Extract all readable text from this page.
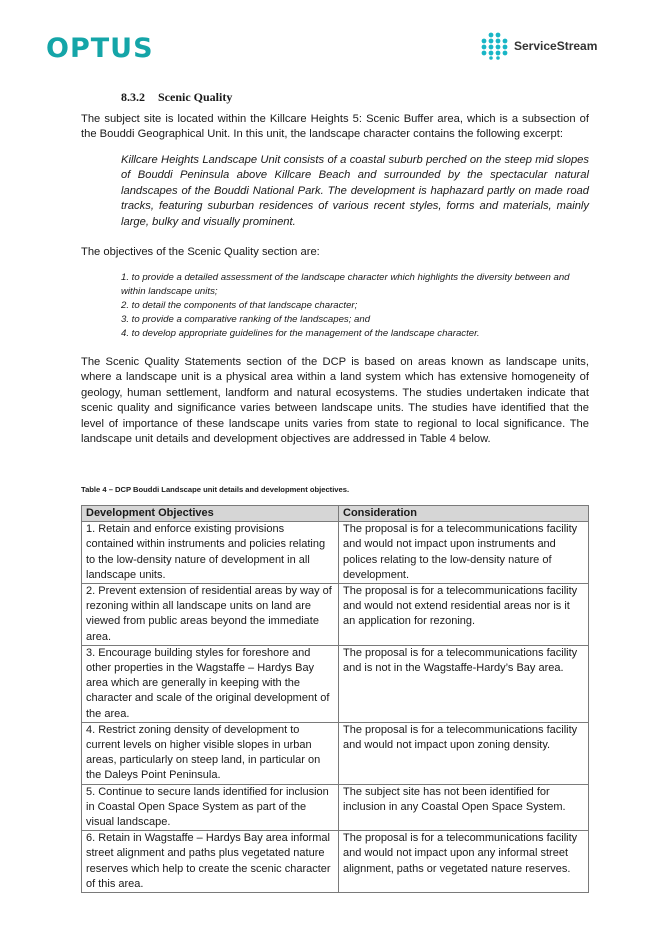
OPTUS	ServiceStream
8.3.2 Scenic Quality

The subject site is located within the Killcare Heights 5: Scenic Buffer area, which is a subsection of the Bouddi Geographical Unit. In this unit, the landscape character contains the following excerpt:

Killcare Heights Landscape Unit consists of a coastal suburb perched on the steep mid slopes of Bouddi Peninsula above Killcare Beach and surrounded by the spectacular natural landscapes of the Bouddi National Park. The development is haphazard partly on made road tracks, featuring suburban residences of various recent styles, forms and materials, mainly large, bulky and visually prominent.

The objectives of the Scenic Quality section are:

1. to provide a detailed assessment of the landscape character which highlights the diversity between and within landscape units;
2. to detail the components of that landscape character;
3. to provide a comparative ranking of the landscapes; and
4. to develop appropriate guidelines for the management of the landscape character.

The Scenic Quality Statements section of the DCP is based on areas known as landscape units, where a landscape unit is a physical area within a land system which has extensive homogeneity of geology, human settlement, landform and natural ecosystems. The studies undertaken indicate that scenic quality and significance varies between landscape units. The studies have identified that the level of importance of these landscape units varies from state to regional to local significance. The landscape unit details and development objectives are addressed in Table 4 below.

Table 4 – DCP Bouddi Landscape unit details and development objectives.
Development Objectives	Consideration
1. Retain and enforce existing provisions contained within instruments and policies relating to the low-density nature of development in all landscape units.	The proposal is for a telecommunications facility and would not impact upon instruments and polices relating to the low-density nature of development.
2. Prevent extension of residential areas by way of rezoning within all landscape units on land are viewed from public areas beyond the immediate area.	The proposal is for a telecommunications facility and would not extend residential areas nor is it an application for rezoning.
3. Encourage building styles for foreshore and other properties in the Wagstaffe – Hardys Bay area which are generally in keeping with the character and scale of the original development of the area.	The proposal is for a telecommunications facility and is not in the Wagstaffe-Hardy’s Bay area.
4. Restrict zoning density of development to current levels on higher visible slopes in urban areas, particularly on steep land, in particular on the Daleys Point Peninsula.	The proposal is for a telecommunications facility and would not impact upon zoning density.
5. Continue to secure lands identified for inclusion in Coastal Open Space System as part of the visual landscape.	The subject site has not been identified for inclusion in any Coastal Open Space System.
6. Retain in Wagstaffe – Hardys Bay area informal street alignment and paths plus vegetated nature reserves which help to create the scenic character of this area.	The proposal is for a telecommunications facility and would not impact upon any informal street alignment, paths or vegetated nature reserves.
